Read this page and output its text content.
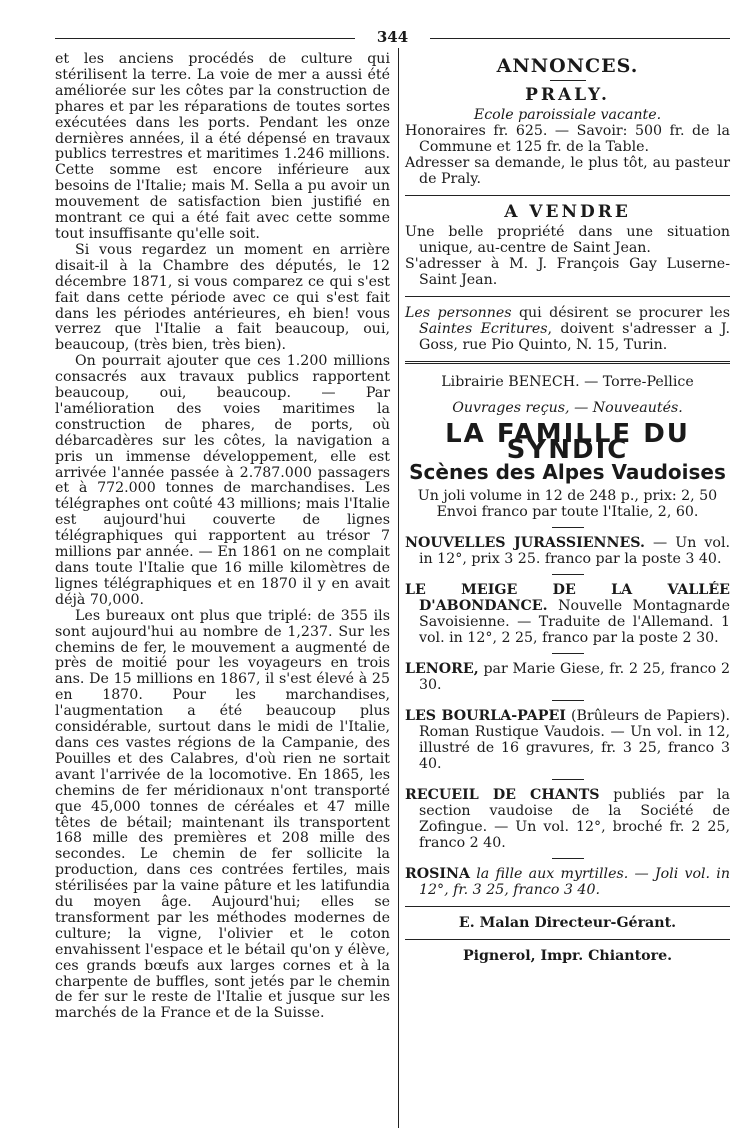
344

et les anciens procédés de culture qui stérilisent la terre. La voie de mer a aussi été améliorée sur les côtes par la construction de phares et par les réparations de toutes sortes exécutées dans les ports. Pendant les onze dernières années, il a été dépensé en travaux publics terrestres et maritimes 1.246 millions. Cette somme est encore inférieure aux besoins de l'Italie; mais M. Sella a pu avoir un mouvement de satisfaction bien justifié en montrant ce qui a été fait avec cette somme tout insuffisante qu'elle soit.

Si vous regardez un moment en arrière disait-il à la Chambre des députés, le 12 décembre 1871, si vous comparez ce qui s'est fait dans cette période avec ce qui s'est fait dans les périodes antérieures, eh bien! vous verrez que l'Italie a fait beaucoup, oui, beaucoup, (très bien, très bien).

On pourrait ajouter que ces 1.200 millions consacrés aux travaux publics rapportent beaucoup, oui, beaucoup. — Par l'amélioration des voies maritimes la construction de phares, de ports, où débarcadères sur les côtes, la navigation a pris un immense développement, elle est arrivée l'année passée à 2.787.000 passagers et à 772.000 tonnes de marchandises. Les télégraphes ont coûté 43 millions; mais l'Italie est aujourd'hui couverte de lignes télégraphiques qui rapportent au trésor 7 millions par année. — En 1861 on ne complait dans toute l'Italie que 16 mille kilomètres de lignes télégraphiques et en 1870 il y en avait déjà 70,000.

Les bureaux ont plus que triplé: de 355 ils sont aujourd'hui au nombre de 1,237. Sur les chemins de fer, le mouvement a augmenté de près de moitié pour les voyageurs en trois ans. De 15 millions en 1867, il s'est élevé à 25 en 1870. Pour les marchandises, l'augmentation a été beaucoup plus considérable, surtout dans le midi de l'Italie, dans ces vastes régions de la Campanie, des Pouilles et des Calabres, d'où rien ne sortait avant l'arrivée de la locomotive. En 1865, les chemins de fer méridionaux n'ont transporté que 45,000 tonnes de céréales et 47 mille têtes de bétail; maintenant ils transportent 168 mille des premières et 208 mille des secondes. Le chemin de fer sollicite la production, dans ces contrées fertiles, mais stérilisées par la vaine pâture et les latifundia du moyen âge. Aujourd'hui; elles se transforment par les méthodes modernes de culture; la vigne, l'olivier et le coton envahissent l'espace et le bétail qu'on y élève, ces grands bœufs aux larges cornes et à la charpente de buffles, sont jetés par le chemin de fer sur le reste de l'Italie et jusque sur les marchés de la France et de la Suisse.

ANNONCES.
PRALY.
Ecole paroissiale vacante.

Honoraires fr. 625. — Savoir: 500 fr. de la Commune et 125 fr. de la Table.

Adresser sa demande, le plus tôt, au pasteur de Praly.

A VENDRE

Une belle propriété dans une situation unique, au-centre de Saint Jean.

S'adresser à M. J. François Gay Luserne-Saint Jean.

Les personnes qui désirent se procurer les Saintes Ecritures, doivent s'adresser a J. Goss, rue Pio Quinto, N. 15, Turin.

Librairie BENECH. — Torre-Pellice
Ouvrages reçus, — Nouveautés.
LA FAMILLE DU SYNDIC
Scènes des Alpes Vaudoises
Un joli volume in 12 de 248 p., prix: 2, 50
Envoi franco par toute l'Italie, 2, 60.

NOUVELLES JURASSIENNES. — Un vol. in 12°, prix 3 25. franco par la poste 3 40.

LE MEIGE DE LA VALLÉE D'ABONDANCE. Nouvelle Montagnarde Savoisienne. — Traduite de l'Allemand. 1 vol. in 12°, 2 25, franco par la poste 2 30.

LENORE, par Marie Giese, fr. 2 25, franco 2 30.

LES BOURLA-PAPEI (Brûleurs de Papiers). Roman Rustique Vaudois. — Un vol. in 12, illustré de 16 gravures, fr. 3 25, franco 3 40.

RECUEIL DE CHANTS publiés par la section vaudoise de la Société de Zofingue. — Un vol. 12°, broché fr. 2 25, franco 2 40.

ROSINA la fille aux myrtilles. — Joli vol. in 12°, fr. 3 25, franco 3 40.

E. Malan Directeur-Gérant.
Pignerol, Impr. Chiantore.
